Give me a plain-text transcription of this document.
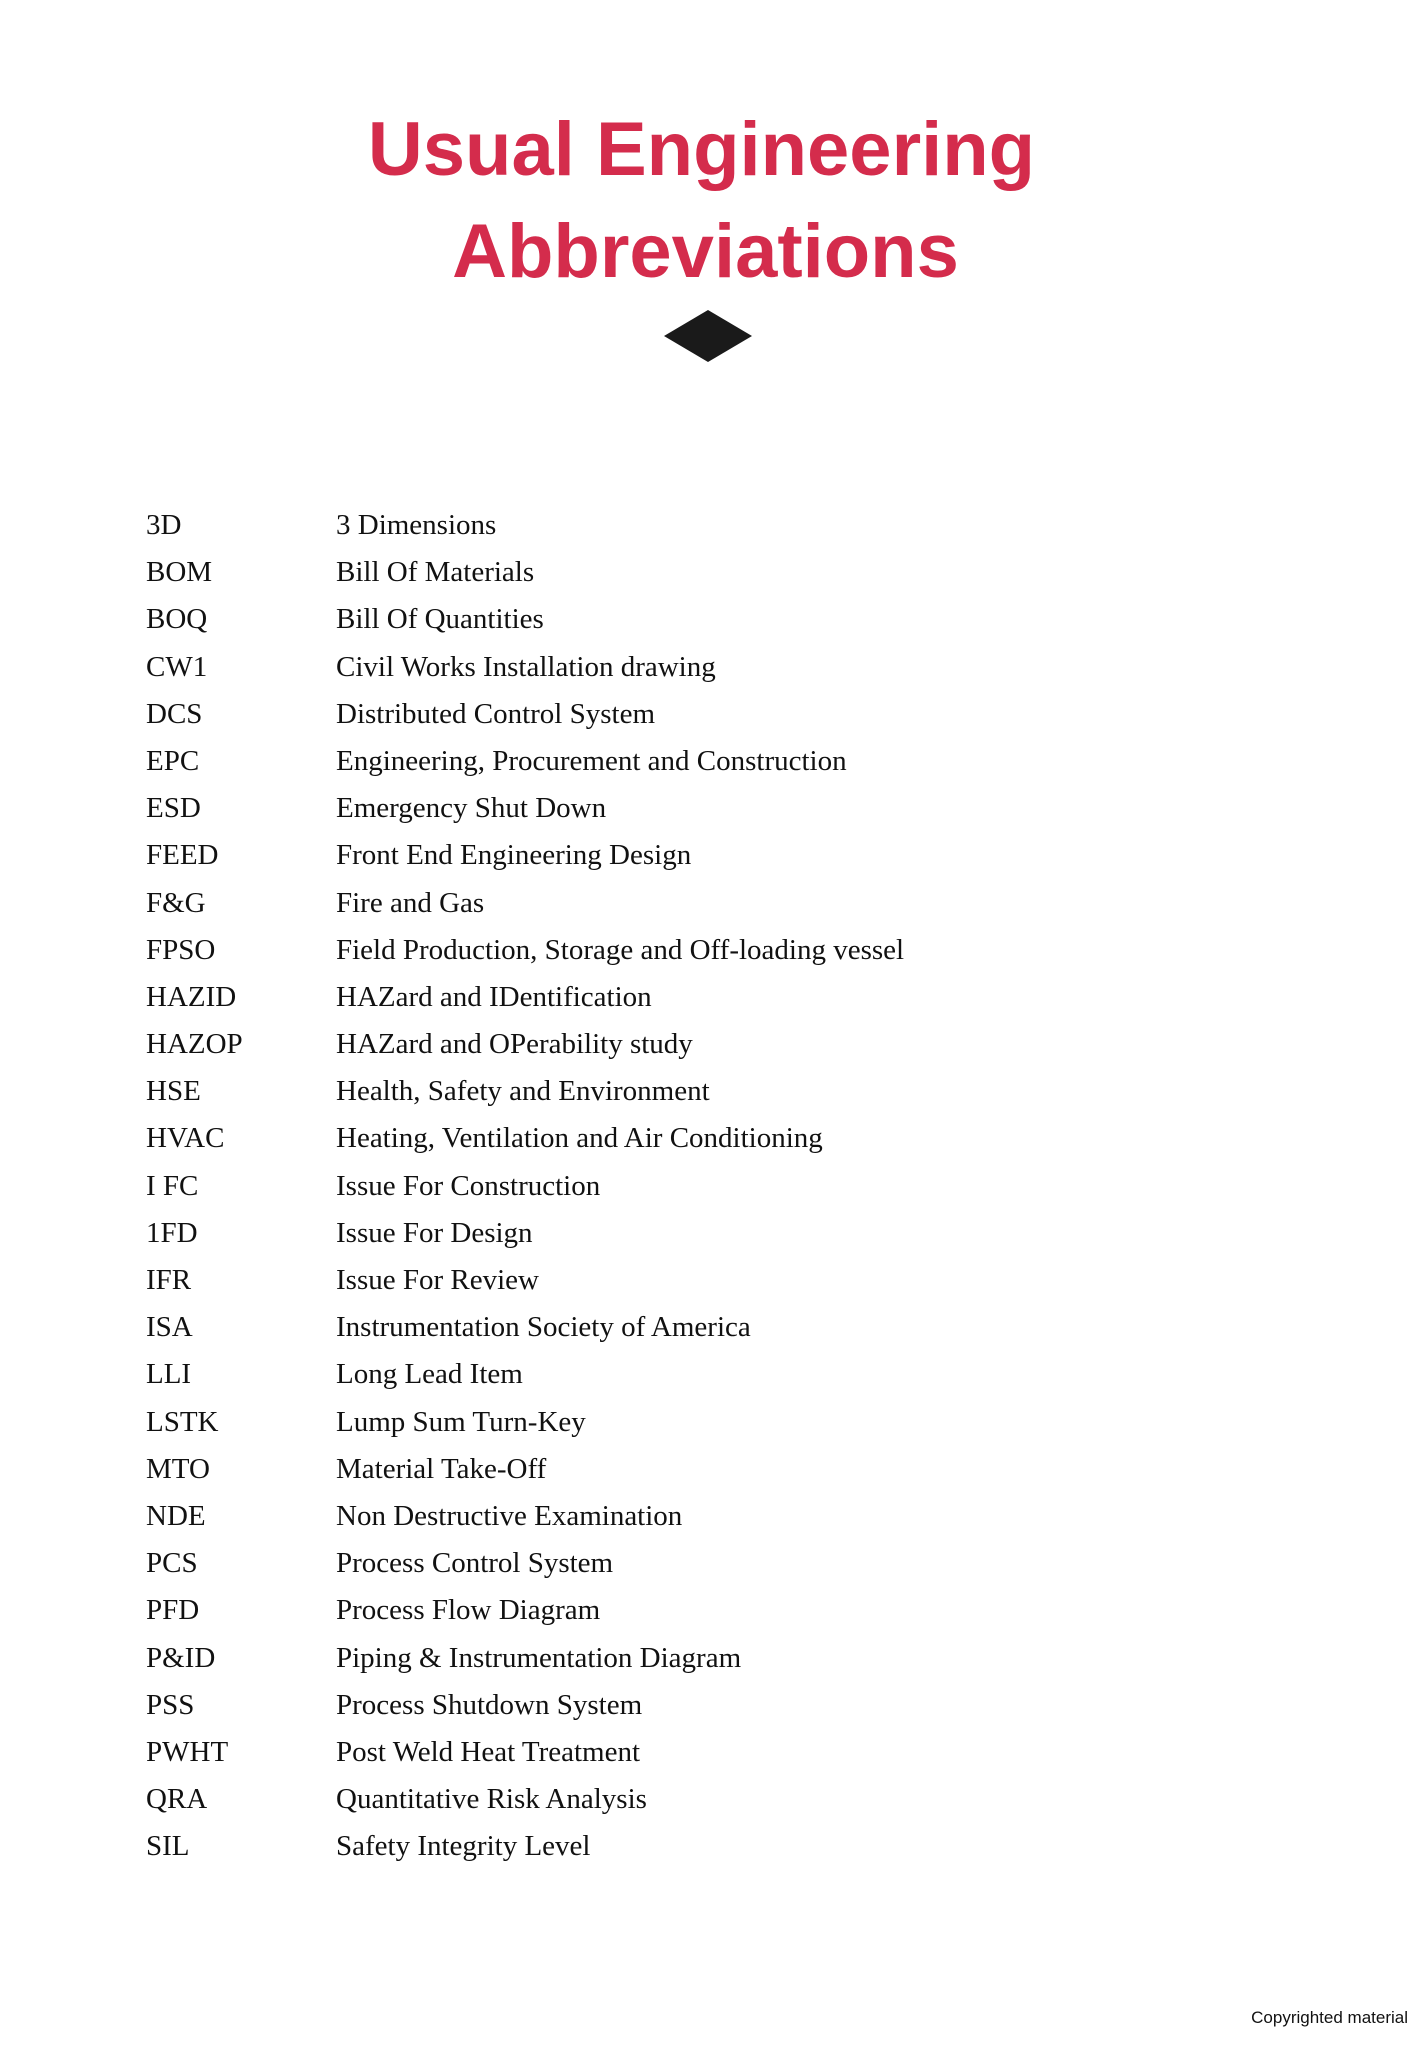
Usual Engineering
Abbreviations
3D	3 Dimensions
BOM	Bill Of Materials
BOQ	Bill Of Quantities
CW1	Civil Works Installation drawing
DCS	Distributed Control System
EPC	Engineering, Procurement and Construction
ESD	Emergency Shut Down
FEED	Front End Engineering Design
F&G	Fire and Gas
FPSO	Field Production, Storage and Off-loading vessel
HAZID	HAZard and IDentification
HAZOP	HAZard and OPerability study
HSE	Health, Safety and Environment
HVAC	Heating, Ventilation and Air Conditioning
I FC	Issue For Construction
1FD	Issue For Design
IFR	Issue For Review
ISA	Instrumentation Society of America
LLI	Long Lead Item
LSTK	Lump Sum Turn-Key
MTO	Material Take-Off
NDE	Non Destructive Examination
PCS	Process Control System
PFD	Process Flow Diagram
P&ID	Piping & Instrumentation Diagram
PSS	Process Shutdown System
PWHT	Post Weld Heat Treatment
QRA	Quantitative Risk Analysis
SIL	Safety Integrity Level
Copyrighted material
